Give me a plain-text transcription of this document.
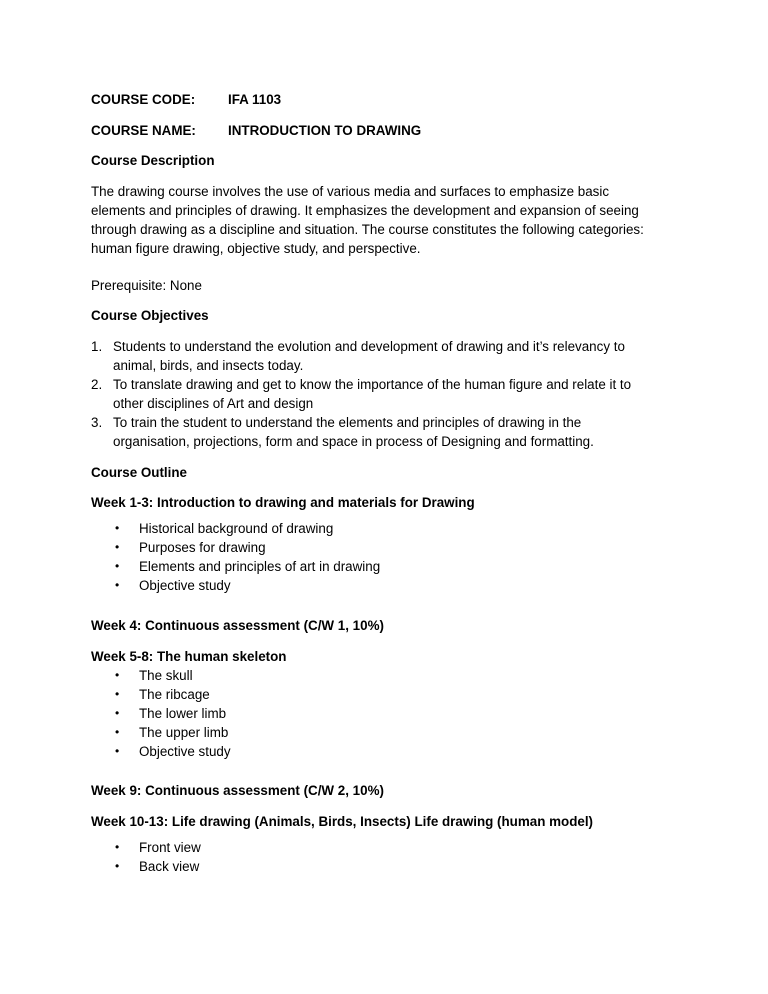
COURSE CODE: IFA 1103

COURSE NAME: INTRODUCTION TO DRAWING

Course Description

The drawing course involves the use of various media and surfaces to emphasize basic

elements and principles of drawing. It emphasizes the development and expansion of seeing

through drawing as a discipline and situation. The course constitutes the following categories:

human figure drawing, objective study, and perspective.

Prerequisite: None

Course Objectives

1. Students to understand the evolution and development of drawing and it’s relevancy to

animal, birds, and insects today.

2. To translate drawing and get to know the importance of the human figure and relate it to

other disciplines of Art and design

3. To train the student to understand the elements and principles of drawing in the

organisation, projections, form and space in process of Designing and formatting.

Course Outline

Week 1-3: Introduction to drawing and materials for Drawing

• Historical background of drawing
• Purposes for drawing
• Elements and principles of art in drawing
• Objective study

Week 4: Continuous assessment (C/W 1, 10%)

Week 5-8: The human skeleton

• The skull
• The ribcage
• The lower limb
• The upper limb
• Objective study

Week 9: Continuous assessment (C/W 2, 10%)

Week 10-13: Life drawing (Animals, Birds, Insects) Life drawing (human model)

• Front view
• Back view
